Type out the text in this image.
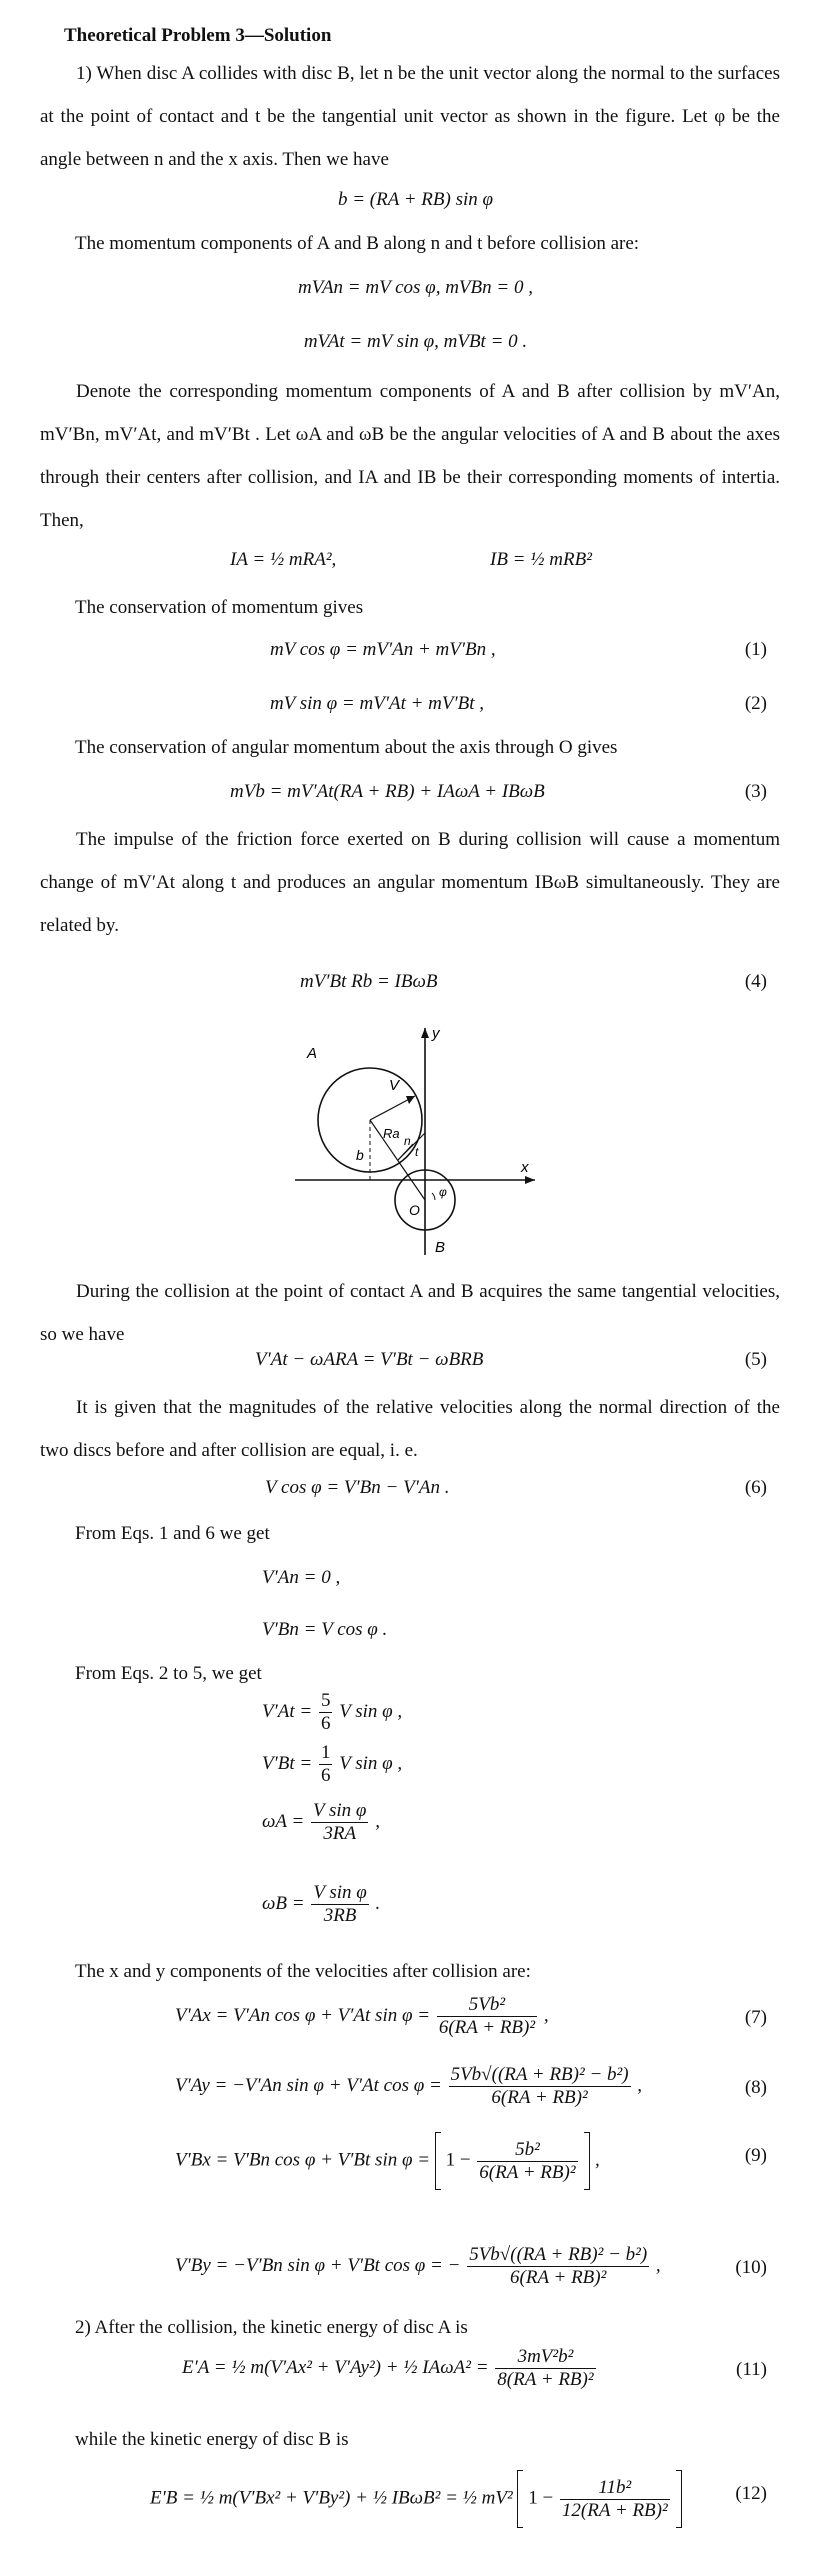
Theoretical Problem 3—Solution
1) When disc A collides with disc B, let n be the unit vector along the normal to the surfaces at the point of contact and t be the tangential unit vector as shown in the figure. Let φ be the angle between n and the x axis. Then we have
b = (RA + RB) sin φ
The momentum components of A and B along n and t before collision are:
mVAn = mV cos φ, mVBn = 0 ,
mVAt = mV sin φ, mVBt = 0 .
Denote the corresponding momentum components of A and B after collision by mV′An, mV′Bn, mV′At, and mV′Bt . Let ωA and ωB be the angular velocities of A and B about the axes through their centers after collision, and IA and IB be their corresponding moments of intertia. Then,
IA = ½ mRA²,	IB = ½ mRB²
The conservation of momentum gives
mV cos φ = mV′An + mV′Bn ,	(1)
mV sin φ = mV′At + mV′Bt ,	(2)
The conservation of angular momentum about the axis through O gives
mVb = mV′At(RA + RB) + IAωA + IBωB	(3)
The impulse of the friction force exerted on B during collision will cause a momentum change of mV′At along t and produces an angular momentum IBωB simultaneously. They are related by.
mV′Bt Rb = IBωB	(4)
A
B
O
x
y
V
b
Ra n
t
φ
During the collision at the point of contact A and B acquires the same tangential velocities, so we have
V′At − ωARA = V′Bt − ωBRB	(5)
It is given that the magnitudes of the relative velocities along the normal direction of the two discs before and after collision are equal, i. e.
V cos φ = V′Bn − V′An .	(6)
From Eqs. 1 and 6 we get
V′An = 0 ,
V′Bn = V cos φ .
From Eqs. 2 to 5, we get
$V'At = \frac{5}{6}$ V sin φ ,
$V'Bt = \frac{1}{6}$ V sin φ ,
$\omega A = \frac{\text{V sin φ}}{3RA}$ ,
$\omega B = \frac{\text{V sin φ}}{3RB}$ .
The x and y components of the velocities after collision are:
V′Ax = V′An cos φ + V′At $\sin \varphi = \frac{\text{5Vb²}}{\text{6(RA + RB)²}}$ ,	(7)
V′Ay = −V′An sin φ + V′At $\cos \varphi = \frac{\text{5Vb√((RA + RB)² − b²)}}{\text{6(RA + RB)²}}$ ,	(8)
V′Bx = V′Bn cos φ + V′Bt $\sin \varphi = 1 - \frac{\text{5b²}}{\text{6(RA + RB)²}}$ ,	(9)
V′By = −V′Bn sin φ + V′Bt cos φ = − $\frac{\text{5Vb√((RA + RB)² − b²)}}{\text{6(RA + RB)²}}$ ,	(10)
2) After the collision, the kinetic energy of disc A is
E′A = ½ m(V′Ax² + V′Ay²) + ½ $IA\omega A^2 = \frac{\text{3mV²b²}}{\text{8(RA + RB)²}}$	(11)
while the kinetic energy of disc B is
E′B = ½ m(V′Bx² + V′By²) + ½ IBωB² = ½ mV² $1 - \frac{\text{11b²}}{\text{12(RA + RB)²}}$
	(12)
